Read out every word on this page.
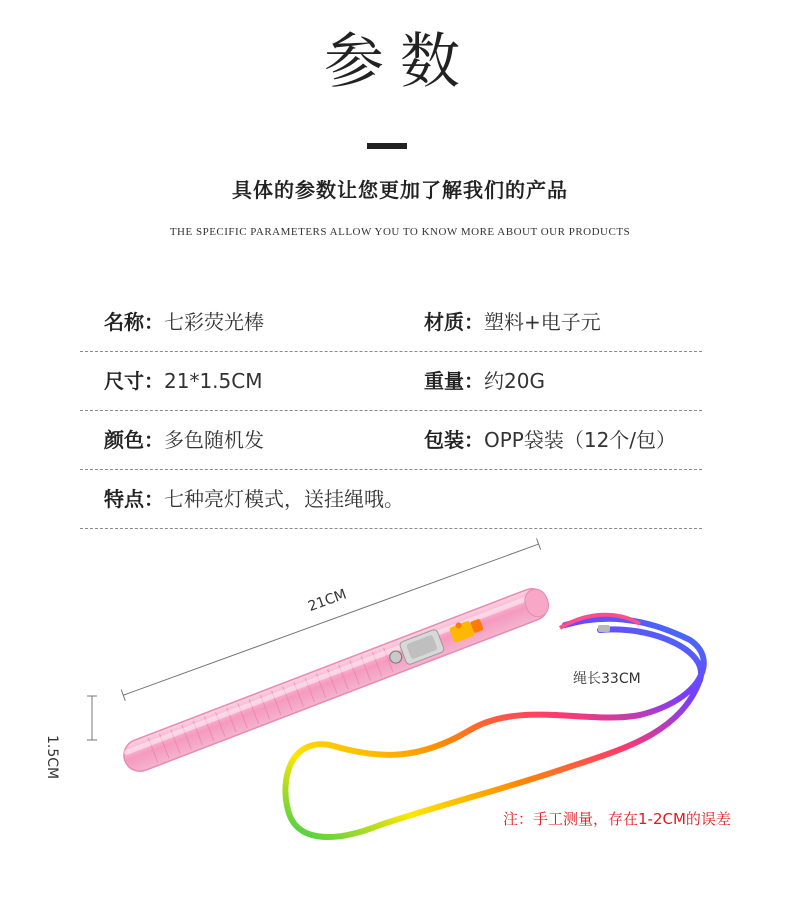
参数
具体的参数让您更加了解我们的产品
THE SPECIFIC PARAMETERS ALLOW YOU TO KNOW MORE ABOUT OUR PRODUCTS
名称：七彩荧光棒	材质：塑料+电子元
尺寸：21*1.5CM	重量：约20G
颜色：多色随机发	包装：OPP袋装（12个/包）
特点：七种亮灯模式，送挂绳哦。
21CM
1.5CM
绳长33CM
注：手工测量，存在1-2CM的误差
